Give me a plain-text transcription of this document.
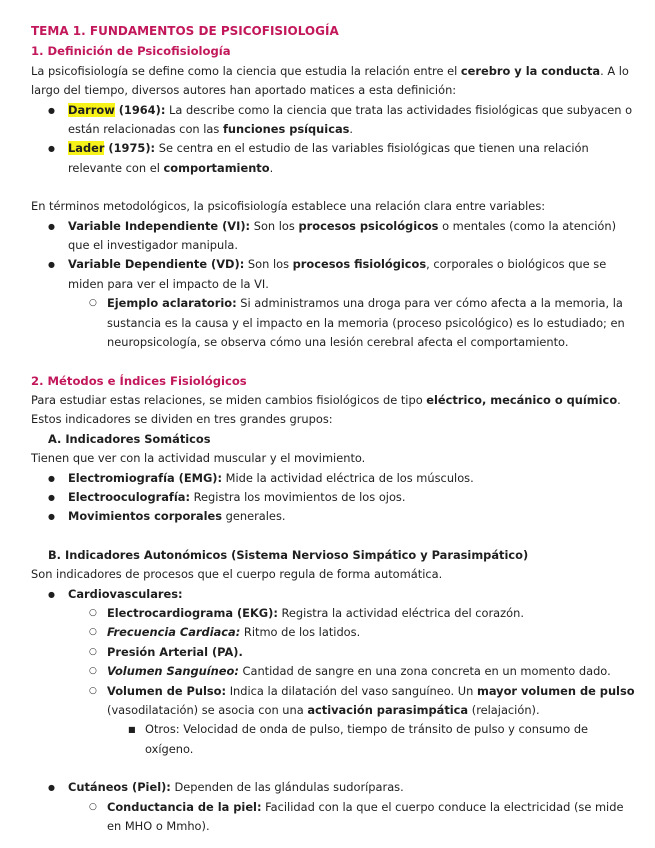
TEMA 1. FUNDAMENTOS DE PSICOFISIOLOGÍA
1. Definición de Psicofisiología

La psicofisiología se define como la ciencia que estudia la relación entre el cerebro y la conducta. A lo largo del tiempo, diversos autores han aportado matices a esta definición:

● Darrow (1964): La describe como la ciencia que trata las actividades fisiológicas que subyacen o están relacionadas con las funciones psíquicas.
● Lader (1975): Se centra en el estudio de las variables fisiológicas que tienen una relación relevante con el comportamiento.

En términos metodológicos, la psicofisiología establece una relación clara entre variables:

● Variable Independiente (VI): Son los procesos psicológicos o mentales (como la atención) que el investigador manipula.
● Variable Dependiente (VD): Son los procesos fisiológicos, corporales o biológicos que se miden para ver el impacto de la VI.
○ Ejemplo aclaratorio: Si administramos una droga para ver cómo afecta a la memoria, la sustancia es la causa y el impacto en la memoria (proceso psicológico) es lo estudiado; en neuropsicología, se observa cómo una lesión cerebral afecta el comportamiento.
2. Métodos e Índices Fisiológicos

Para estudiar estas relaciones, se miden cambios fisiológicos de tipo eléctrico, mecánico o químico. Estos indicadores se dividen en tres grandes grupos:

A. Indicadores Somáticos

Tienen que ver con la actividad muscular y el movimiento.

● Electromiografía (EMG): Mide la actividad eléctrica de los músculos.
● Electrooculografía: Registra los movimientos de los ojos.
● Movimientos corporales generales.
B. Indicadores Autonómicos (Sistema Nervioso Simpático y Parasimpático)

Son indicadores de procesos que el cuerpo regula de forma automática.

● Cardiovasculares:
○ Electrocardiograma (EKG): Registra la actividad eléctrica del corazón.
○ Frecuencia Cardiaca: Ritmo de los latidos.
○ Presión Arterial (PA).
○ Volumen Sanguíneo: Cantidad de sangre en una zona concreta en un momento dado.
○ Volumen de Pulso: Indica la dilatación del vaso sanguíneo. Un mayor volumen de pulso (vasodilatación) se asocia con una activación parasimpática (relajación).
■ Otros: Velocidad de onda de pulso, tiempo de tránsito de pulso y consumo de oxígeno.
● Cutáneos (Piel): Dependen de las glándulas sudoríparas.
○ Conductancia de la piel: Facilidad con la que el cuerpo conduce la electricidad (se mide en MHO o Mmho).
